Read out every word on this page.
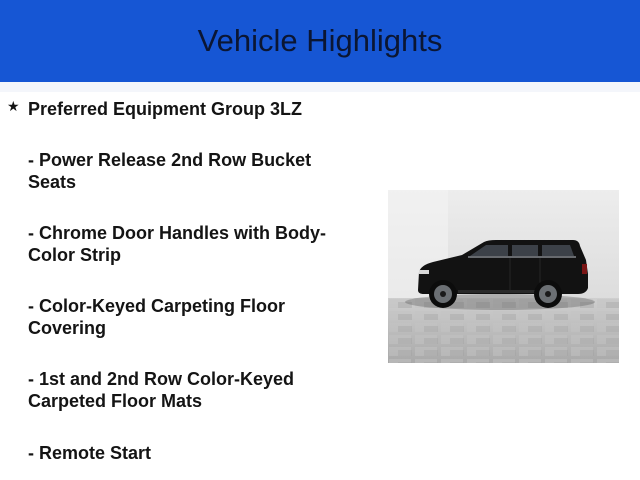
Vehicle Highlights
★ Preferred Equipment Group 3LZ
- Power Release 2nd Row Bucket Seats
- Chrome Door Handles with Body-Color Strip
- Color-Keyed Carpeting Floor Covering
- 1st and 2nd Row Color-Keyed Carpeted Floor Mats
- Remote Start
